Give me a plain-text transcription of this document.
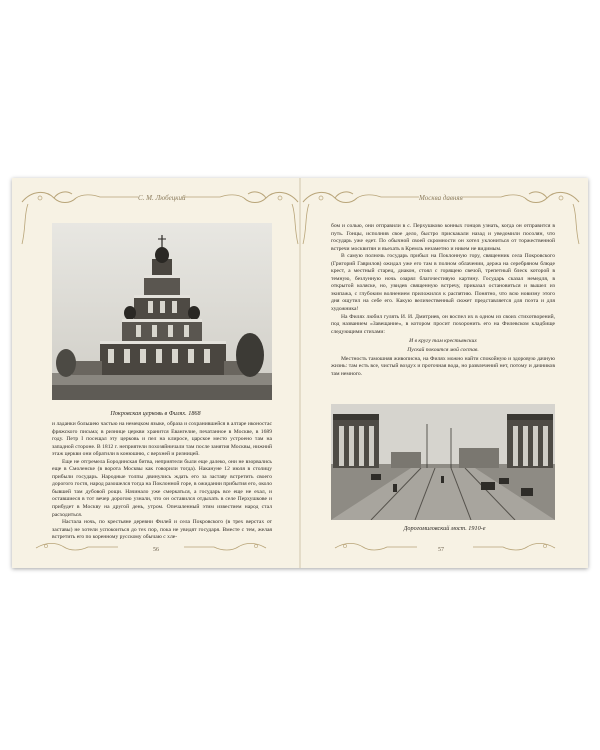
С. М. Любецкий
Покровская церковь в Филях. 1868

и ладанки большею частью на немецком языке, образа и сохранившейся в алтаре иконостас фряжского письма; в ризнице церкви хранится Евангелие, печатанное в Москве, в 1689 году. Петр I посещал эту церковь и пел на клиросе, царское место устроено там на западной стороне. В 1812 г. неприятели похозяйничали там после занятия Москвы, нижний этаж церкви они обратили в конюшню, с верхней и ризницей.

Еще не отгремела Бородинская битва, неприятели были еще далеко, они не взорвались еще в Смоленске (в ворота Москвы как говорили тогда). Накануне 12 июля в столицу прибыли государь. Народные толпы двинулись ждать его за заставу встретить своего дорогого гостя, народ разошелся тогда на Поклонной горе, в ожидании прибытия его, около бывшей там дубовой рощи. Начинало уже смеркаться, а государь все еще не ехал, и оставшиеся в тот вечер дорогою узнали, что он оставился отдыхать в селе Перхушкове и прибудет в Москву на другой день, утром. Опечаленный этим известием народ стал расходиться.

Настала ночь, по крестьяне деревни Филей и села Покровского (в трех верстах от заставы) не хотели успокоиться до тех пор, пока не увидят государя. Вместе с тем, желая встретить его по коренному русскому обычаю с хле-

56
Москва давняя

бом и солью, они отправили в с. Перхушково конных гонцов узнать, когда он отправится в путь. Гонцы, исполнив свое дело, быстро прискакали назад и уведомили посолян, что государь уже едет. По обычной своей скромности он хотел уклониться от торжественной встречи москвитян и въехать в Кремль незаметно и никем не видимым.

В самую полночь государь прибыл на Поклонную гору, священник села Покровского (Григорий Гаврилов) ожидал уже его там в полном облачении, держа на серебряном блюде крест, а местный старец, диакон, стоял с горящею свечой, трепетный блеск которой в темную, безлунную ночь озарял благочестивую картину. Государь сказал немедля, в открытой коляске, но, увидев священную встречу, приказал остановиться и вышел из экипажа, с глубоким волнением приложился к распятию. Понятно, что всю новизну этого дня ощутил на себе его. Какую величественный сюжет представляется для поэта и для художника!

На Филях любил гулять И. И. Дмитриев, он воспел их в одном из своих стихотворений, под названием «Завещание», в котором просит похоронить его на Филевском кладбище следующими стихами:

И в кругу там крестьянских

Пускай покоится мой состав.

Местность тамошняя живописна, на Филях можно найти спокойную и здоровую дачную жизнь: там есть все, чистый воздух и проточная вода, но развлечений нет, потому и дачников там немного.

Дорогомиловский мост. 1910-е
57
